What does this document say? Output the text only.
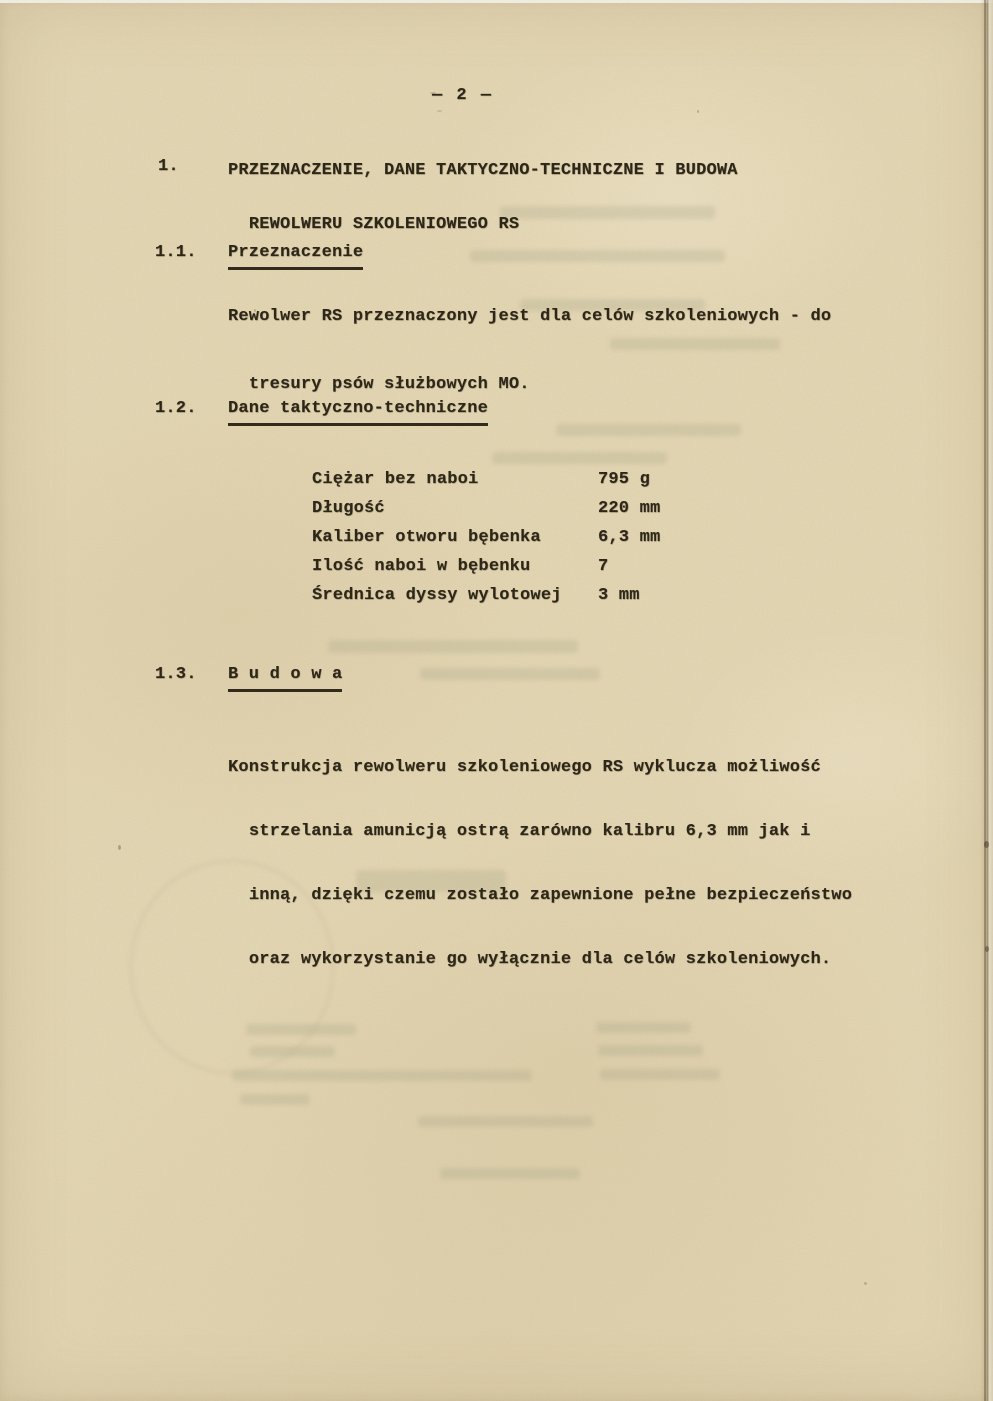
— 2 —
1.	PRZEZNACZENIE, DANE TAKTYCZNO-TECHNICZNE I BUDOWA

REWOLWERU SZKOLENIOWEGO RS
1.1. Przeznaczenie
Rewolwer RS przeznaczony jest dla celów szkoleniowych - do

tresury psów służbowych MO.
1.2. Dane taktyczno-techniczne
Ciężar bez naboi	795 g
Długość	220 mm
Kaliber otworu bębenka	6,3 mm
Ilość naboi w bębenku	7
Średnica dyssy wylotowej 3 mm
1.3. B u d o w a
Konstrukcja rewolweru szkoleniowego RS wyklucza możliwość

strzelania amunicją ostrą zarówno kalibru 6,3 mm jak i

inną, dzięki czemu zostało zapewnione pełne bezpieczeństwo

oraz wykorzystanie go wyłącznie dla celów szkoleniowych.
